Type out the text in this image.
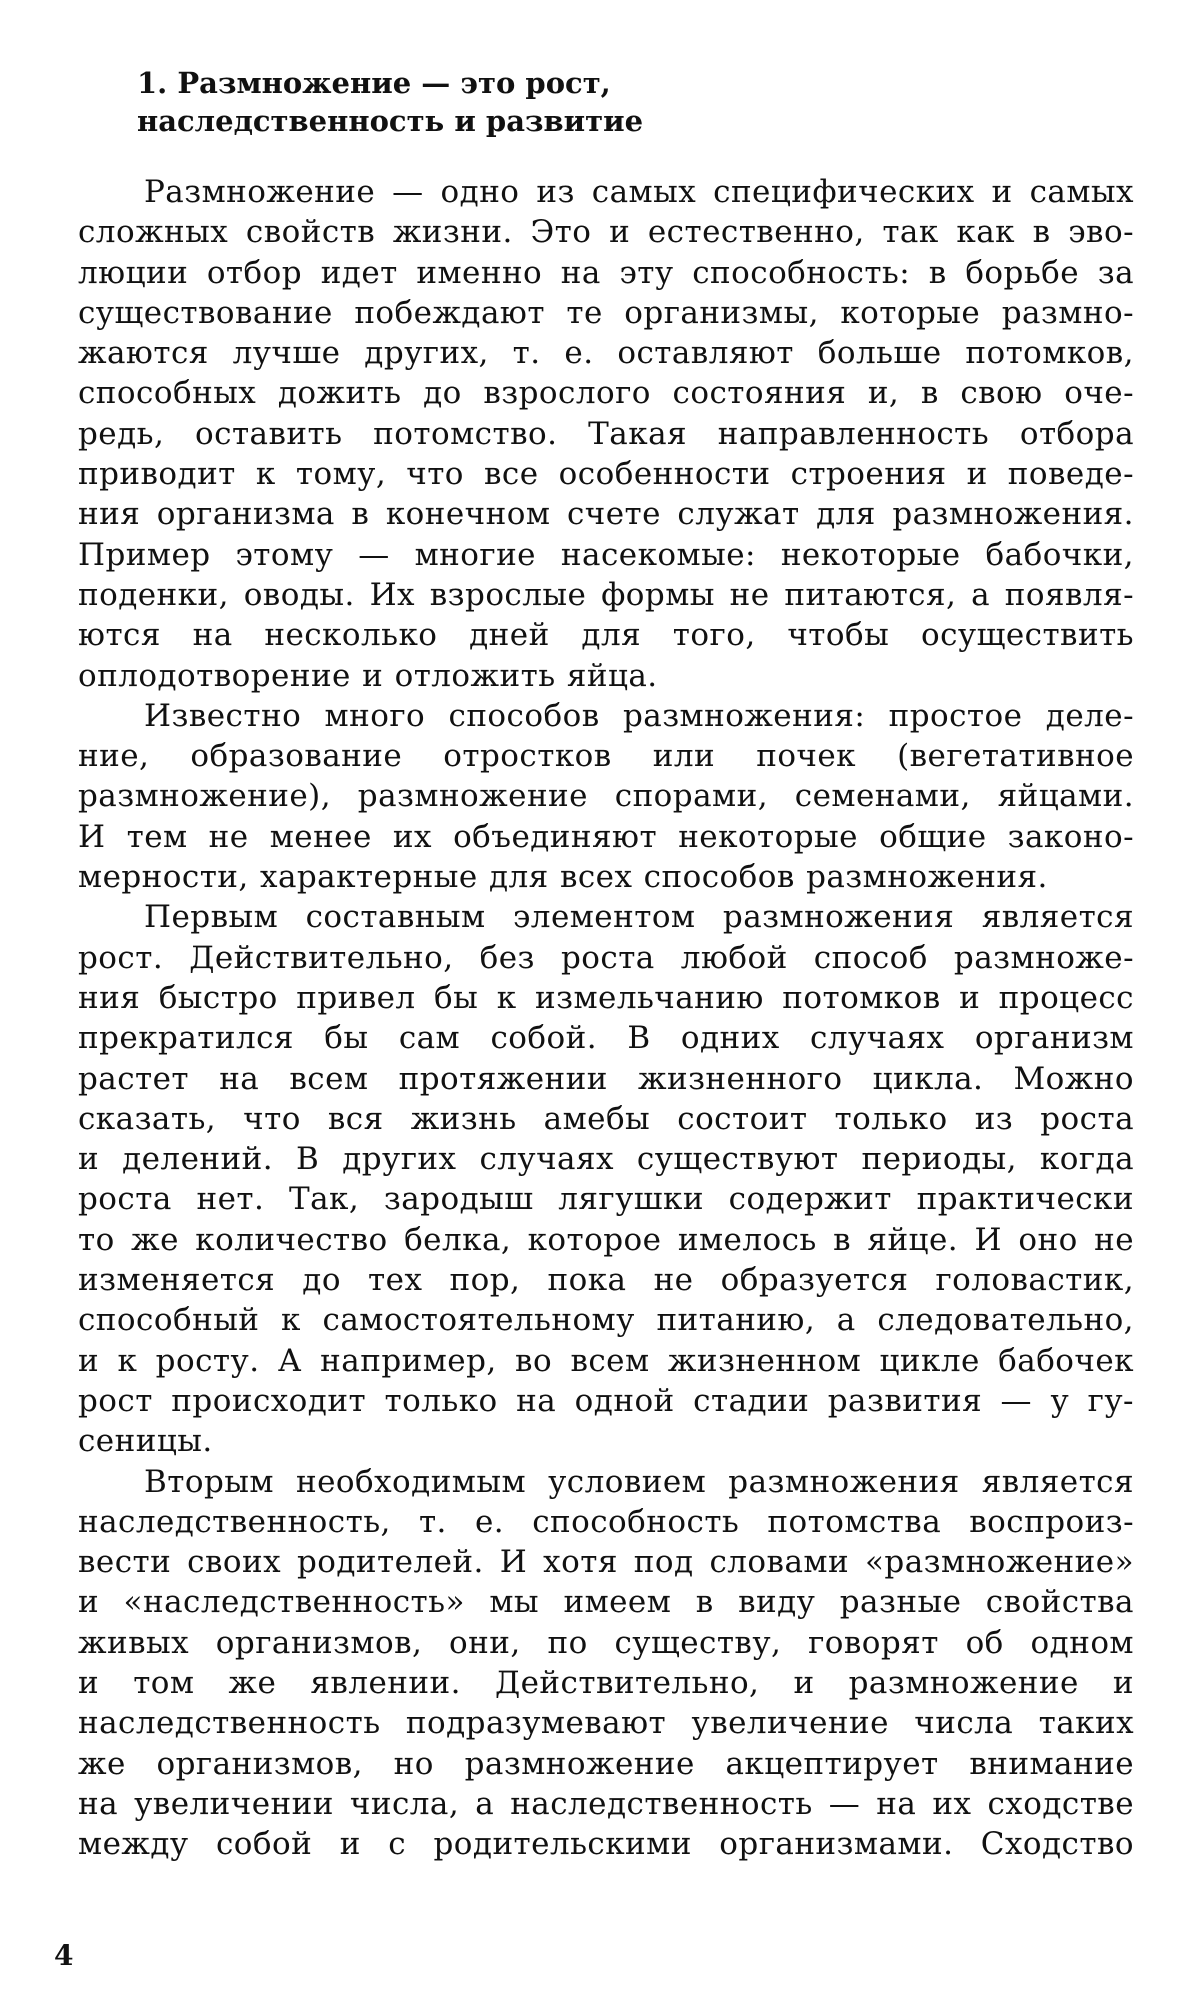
1. Размножение — это рост,
наследственность и развитие

Размножение — одно из самых специфических и самых
сложных свойств жизни. Это и естественно, так как в эво-
люции отбор идет именно на эту способность: в борьбе за
существование побеждают те организмы, которые размно-
жаются лучше других, т. е. оставляют больше потомков,
способных дожить до взрослого состояния и, в свою оче-
редь, оставить потомство. Такая направленность отбора
приводит к тому, что все особенности строения и поведе-
ния организма в конечном счете служат для размножения.
Пример этому — многие насекомые: некоторые бабочки,
поденки, оводы. Их взрослые формы не питаются, а появля-
ются на несколько дней для того, чтобы осуществить
оплодотворение и отложить яйца.

Известно много способов размножения: простое деле-
ние, образование отростков или почек (вегетативное
размножение), размножение спорами, семенами, яйцами.
И тем не менее их объединяют некоторые общие законо-
мерности, характерные для всех способов размножения.

Первым составным элементом размножения является
рост. Действительно, без роста любой способ размноже-
ния быстро привел бы к измельчанию потомков и процесс
прекратился бы сам собой. В одних случаях организм
растет на всем протяжении жизненного цикла. Можно
сказать, что вся жизнь амебы состоит только из роста
и делений. В других случаях существуют периоды, когда
роста нет. Так, зародыш лягушки содержит практически
то же количество белка, которое имелось в яйце. И оно не
изменяется до тех пор, пока не образуется головастик,
способный к самостоятельному питанию, а следовательно,
и к росту. А например, во всем жизненном цикле бабочек
рост происходит только на одной стадии развития — у гу-
сеницы.

Вторым необходимым условием размножения является
наследственность, т. е. способность потомства воспроиз-
вести своих родителей. И хотя под словами «размножение»
и «наследственность» мы имеем в виду разные свойства
живых организмов, они, по существу, говорят об одном
и том же явлении. Действительно, и размножение и
наследственность подразумевают увеличение числа таких
же организмов, но размножение акцептирует внимание
на увеличении числа, а наследственность — на их сходстве
между собой и с родительскими организмами. Сходство

4
